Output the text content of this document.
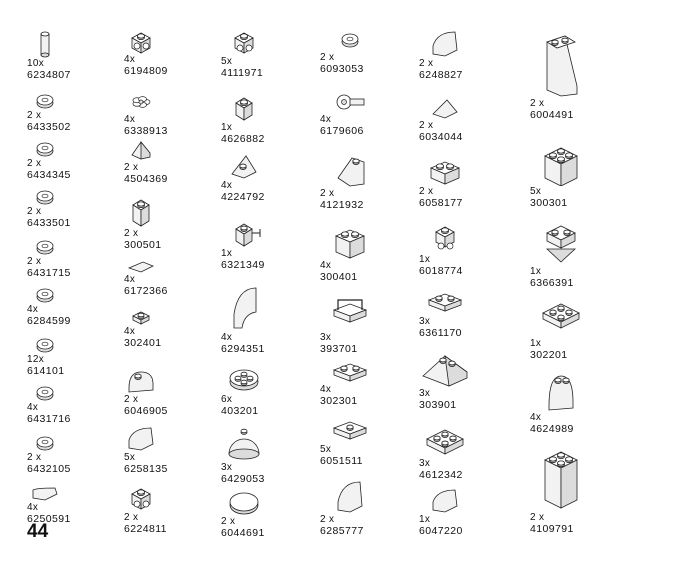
10x
6234807
2 x
6433502
2 x
6434345
2 x
6433501
2 x
6431715
4x
6284599
12x
614101
4x
6431716
2 x
6432105
4x
6250591
4x
6194809
4x
6338913
2 x
4504369
2 x
300501
4x
6172366
4x
302401
2 x
6046905
5x
6258135
2 x
6224811
5x
4111971
1x
4626882
4x
4224792
1x
6321349
4x
6294351
6x
403201
3x
6429053
2 x
6044691
2 x
6093053
4x
6179606
2 x
4121932
4x
300401
3x
393701
4x
302301
5x
6051511
2 x
6285777
2 x
6248827
2 x
6034044
2 x
6058177
1x
6018774
3x
6361170
3x
303901
3x
4612342
1x
6047220
2 x
6004491
5x
300301
1x
6366391
1x
302201
4x
4624989
2 x
4109791
44
